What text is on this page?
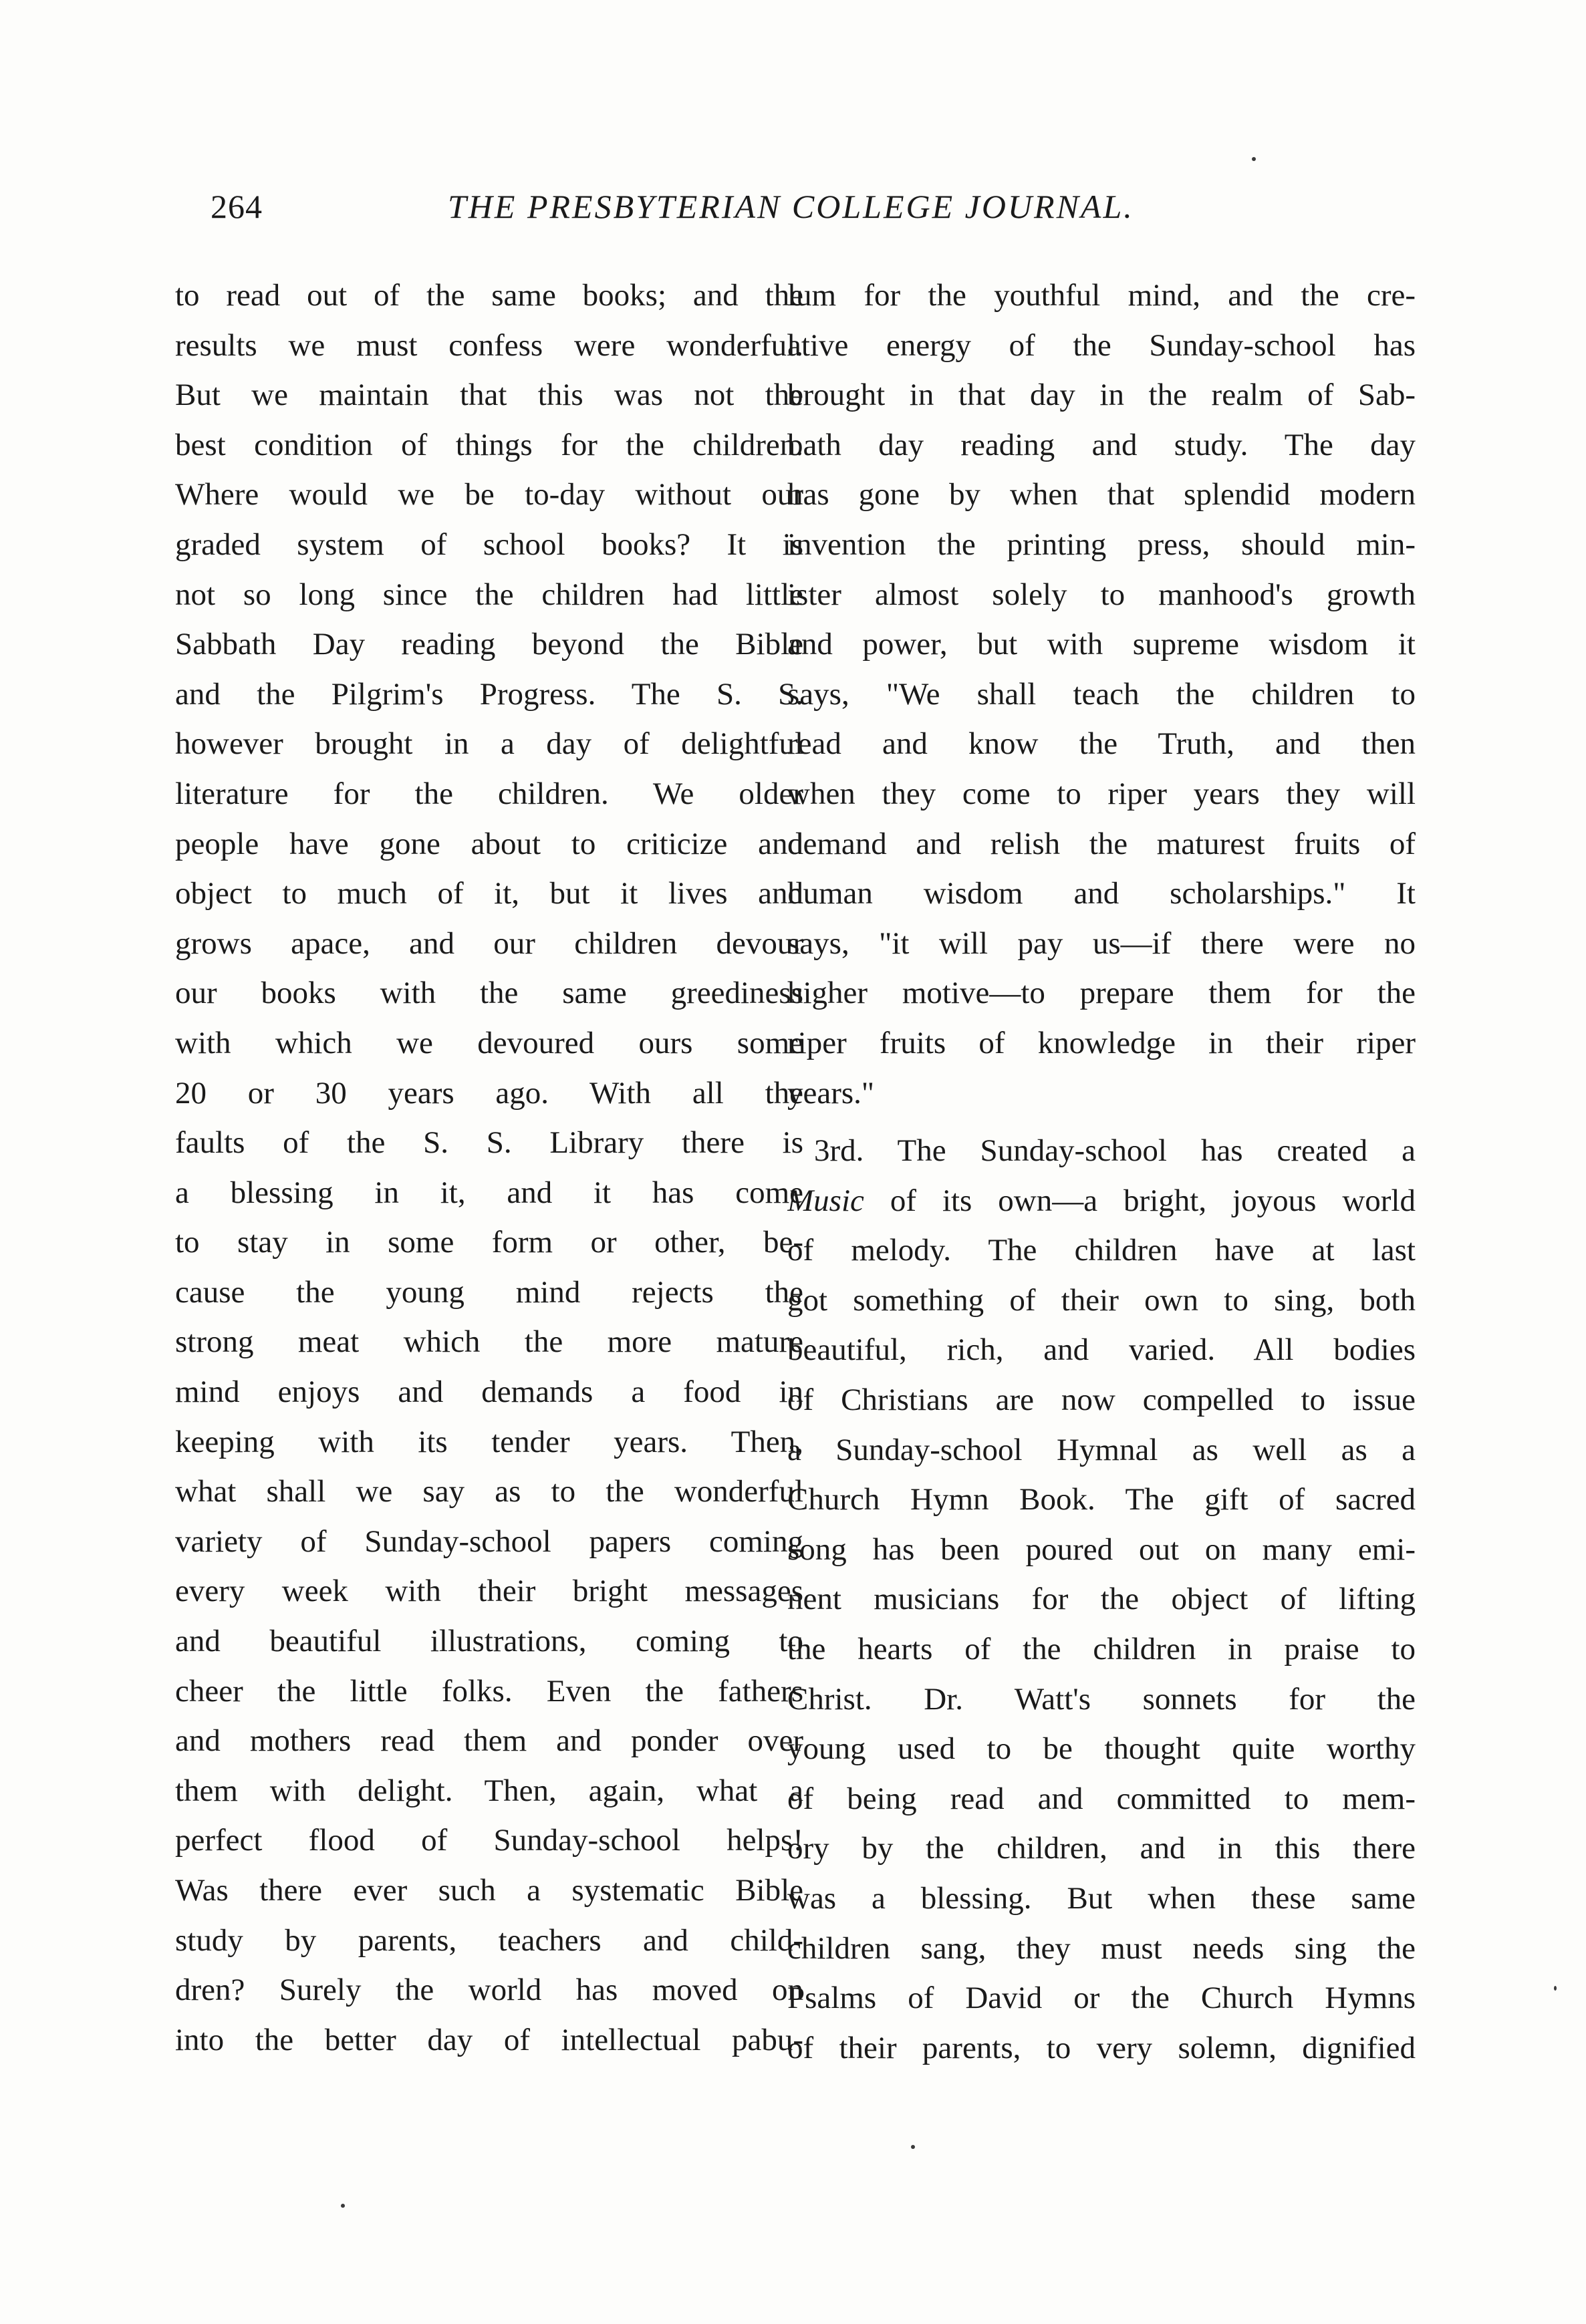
264	THE PRESBYTERIAN COLLEGE JOURNAL.
to read out of the same books; and the
results we must confess were wonderful.
But we maintain that this was not the
best condition of things for the children.
Where would we be to-day without our
graded system of school books? It is
not so long since the children had little
Sabbath Day reading beyond the Bible
and the Pilgrim's Progress. The S. S.
however brought in a day of delightful
literature for the children. We older
people have gone about to criticize and
object to much of it, but it lives and
grows apace, and our children devour
our books with the same greediness
with which we devoured ours some
20 or 30 years ago. With all the
faults of the S. S. Library there is
a blessing in it, and it has come
to stay in some form or other, be-
cause the young mind rejects the
strong meat which the more mature
mind enjoys and demands a food in
keeping with its tender years. Then,
what shall we say as to the wonderful
variety of Sunday-school papers coming
every week with their bright messages
and beautiful illustrations, coming to
cheer the little folks. Even the fathers
and mothers read them and ponder over
them with delight. Then, again, what a
perfect flood of Sunday-school helps!
Was there ever such a systematic Bible
study by parents, teachers and child-
dren? Surely the world has moved on
into the better day of intellectual pabu-
lum for the youthful mind, and the cre-
ative energy of the Sunday-school has
brought in that day in the realm of Sab-
bath day reading and study. The day
has gone by when that splendid modern
invention the printing press, should min-
ister almost solely to manhood's growth
and power, but with supreme wisdom it
says, "We shall teach the children to
read and know the Truth, and then
when they come to riper years they will
demand and relish the maturest fruits of
human wisdom and scholarships." It
says, "it will pay us—if there were no
higher motive—to prepare them for the
riper fruits of knowledge in their riper
years."
3rd. The Sunday-school has created a
Music of its own—a bright, joyous world
of melody. The children have at last
got something of their own to sing, both
beautiful, rich, and varied. All bodies
of Christians are now compelled to issue
a Sunday-school Hymnal as well as a
Church Hymn Book. The gift of sacred
song has been poured out on many emi-
nent musicians for the object of lifting
the hearts of the children in praise to
Christ. Dr. Watt's sonnets for the
young used to be thought quite worthy
of being read and committed to mem-
ory by the children, and in this there
was a blessing. But when these same
children sang, they must needs sing the
Psalms of David or the Church Hymns
of their parents, to very solemn, dignified
